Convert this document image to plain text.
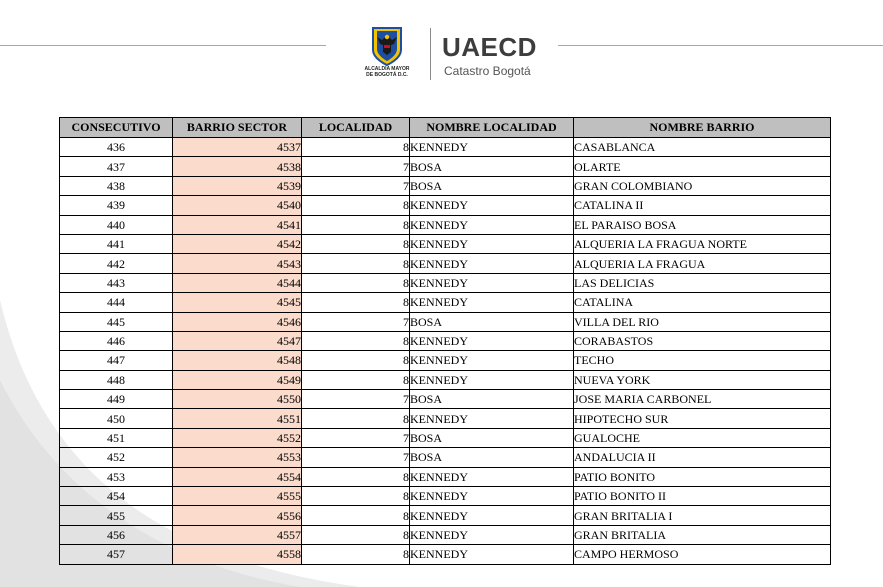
ALCALDÍA MAYOR
DE BOGOTÁ D.C.
UAECD
Catastro Bogotá
CONSECUTIVO	BARRIO SECTOR	LOCALIDAD	NOMBRE LOCALIDAD	NOMBRE BARRIO
436	4537	8	KENNEDY	CASABLANCA
437	4538	7	BOSA	OLARTE
438	4539	7	BOSA	GRAN COLOMBIANO
439	4540	8	KENNEDY	CATALINA II
440	4541	8	KENNEDY	EL PARAISO BOSA
441	4542	8	KENNEDY	ALQUERIA LA FRAGUA NORTE
442	4543	8	KENNEDY	ALQUERIA LA FRAGUA
443	4544	8	KENNEDY	LAS DELICIAS
444	4545	8	KENNEDY	CATALINA
445	4546	7	BOSA	VILLA DEL RIO
446	4547	8	KENNEDY	CORABASTOS
447	4548	8	KENNEDY	TECHO
448	4549	8	KENNEDY	NUEVA YORK
449	4550	7	BOSA	JOSE MARIA CARBONEL
450	4551	8	KENNEDY	HIPOTECHO SUR
451	4552	7	BOSA	GUALOCHE
452	4553	7	BOSA	ANDALUCIA II
453	4554	8	KENNEDY	PATIO BONITO
454	4555	8	KENNEDY	PATIO BONITO II
455	4556	8	KENNEDY	GRAN BRITALIA I
456	4557	8	KENNEDY	GRAN BRITALIA
457	4558	8	KENNEDY	CAMPO HERMOSO
